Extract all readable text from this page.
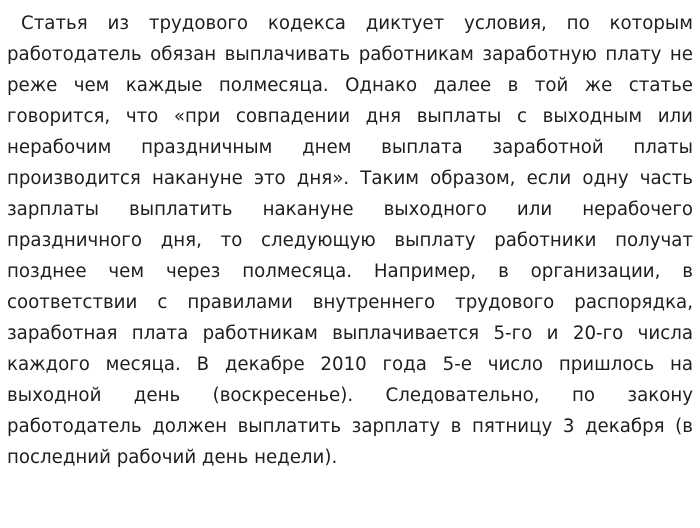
Статья из трудового кодекса диктует условия, по которым
работодатель обязан выплачивать работникам заработную плату не
реже чем каждые полмесяца. Однако далее в той же статье
говорится, что «при совпадении дня выплаты с выходным или
нерабочим праздничным днем выплата заработной платы
производится накануне это дня». Таким образом, если одну часть
зарплаты выплатить накануне выходного или нерабочего
праздничного дня, то следующую выплату работники получат
позднее чем через полмесяца. Например, в организации, в
соответствии с правилами внутреннего трудового распорядка,
заработная плата работникам выплачивается 5-го и 20-го числа
каждого месяца. В декабре 2010 года 5-е число пришлось на
выходной день (воскресенье). Следовательно, по закону
работодатель должен выплатить зарплату в пятницу 3 декабря (в
последний рабочий день недели).
